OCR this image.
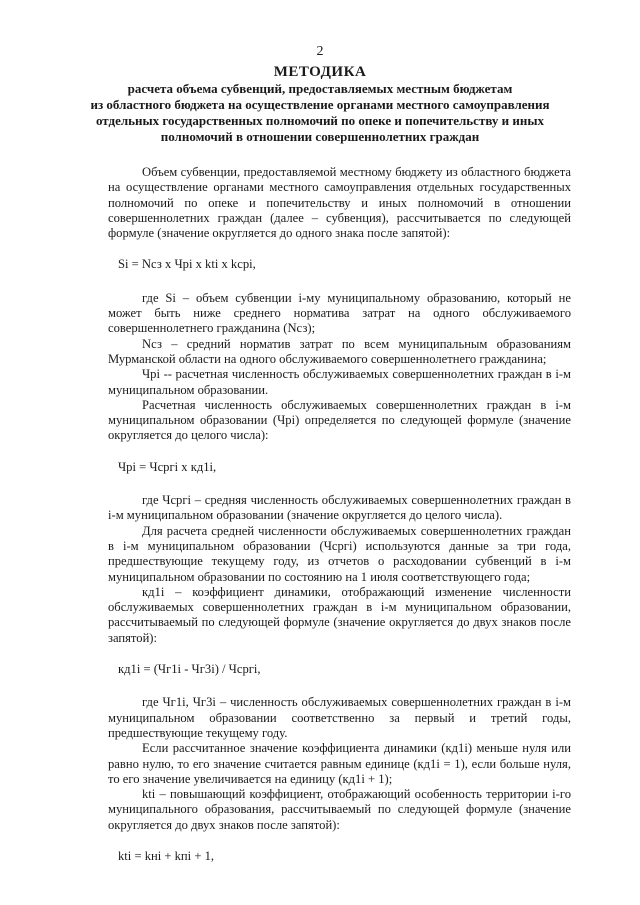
2
МЕТОДИКА
расчета объема субвенций, предоставляемых местным бюджетам
из областного бюджета на осуществление органами местного самоуправления
отдельных государственных полномочий по опеке и попечительству и иных
полномочий в отношении совершеннолетних граждан

Объем субвенции, предоставляемой местному бюджету из областного бюджета на осуществление органами местного самоуправления отдельных государственных полномочий по опеке и попечительству и иных полномочий в отношении совершеннолетних граждан (далее – субвенция), рассчитывается по следующей формуле (значение округляется до одного знака после запятой):

Si = Nсз х Чрi х ktі х kсрі,

где Si – объем субвенции і-му муниципальному образованию, который не может быть ниже среднего норматива затрат на одного обслуживаемого совершеннолетнего гражданина (Nсз);

Nсз – средний норматив затрат по всем муниципальным образованиям Мурманской области на одного обслуживаемого совершеннолетнего гражданина;

Чрі -- расчетная численность обслуживаемых совершеннолетних граждан в і-м муниципальном образовании.

Расчетная численность обслуживаемых совершеннолетних граждан в і-м муниципальном образовании (Чрi) определяется по следующей формуле (значение округляется до целого числа):

Чрі = Чсргі х кд1і,

где Чсргі – средняя численность обслуживаемых совершеннолетних граждан в і-м муниципальном образовании (значение округляется до целого числа).

Для расчета средней численности обслуживаемых совершеннолетних граждан в і-м муниципальном образовании (Чсргі) используются данные за три года, предшествующие текущему году, из отчетов о расходовании субвенций в і-м муниципальном образовании по состоянию на 1 июля соответствующего года;

кд1і – коэффициент динамики, отображающий изменение численности обслуживаемых совершеннолетних граждан в і-м муниципальном образовании, рассчитываемый по следующей формуле (значение округляется до двух знаков после запятой):

кд1і = (Чг1і - Чг3і) / Чсргі,

где Чг1і, Чг3і – численность обслуживаемых совершеннолетних граждан в і-м муниципальном образовании соответственно за первый и третий годы, предшествующие текущему году.

Если рассчитанное значение коэффициента динамики (кд1і) меньше нуля или равно нулю, то его значение считается равным единице (кд1і = 1), если больше нуля, то его значение увеличивается на единицу (кд1і + 1);

ktі – повышающий коэффициент, отображающий особенность территории і-го муниципального образования, рассчитываемый по следующей формуле (значение округляется до двух знаков после запятой):

ktі = kнi + kпi + 1,
